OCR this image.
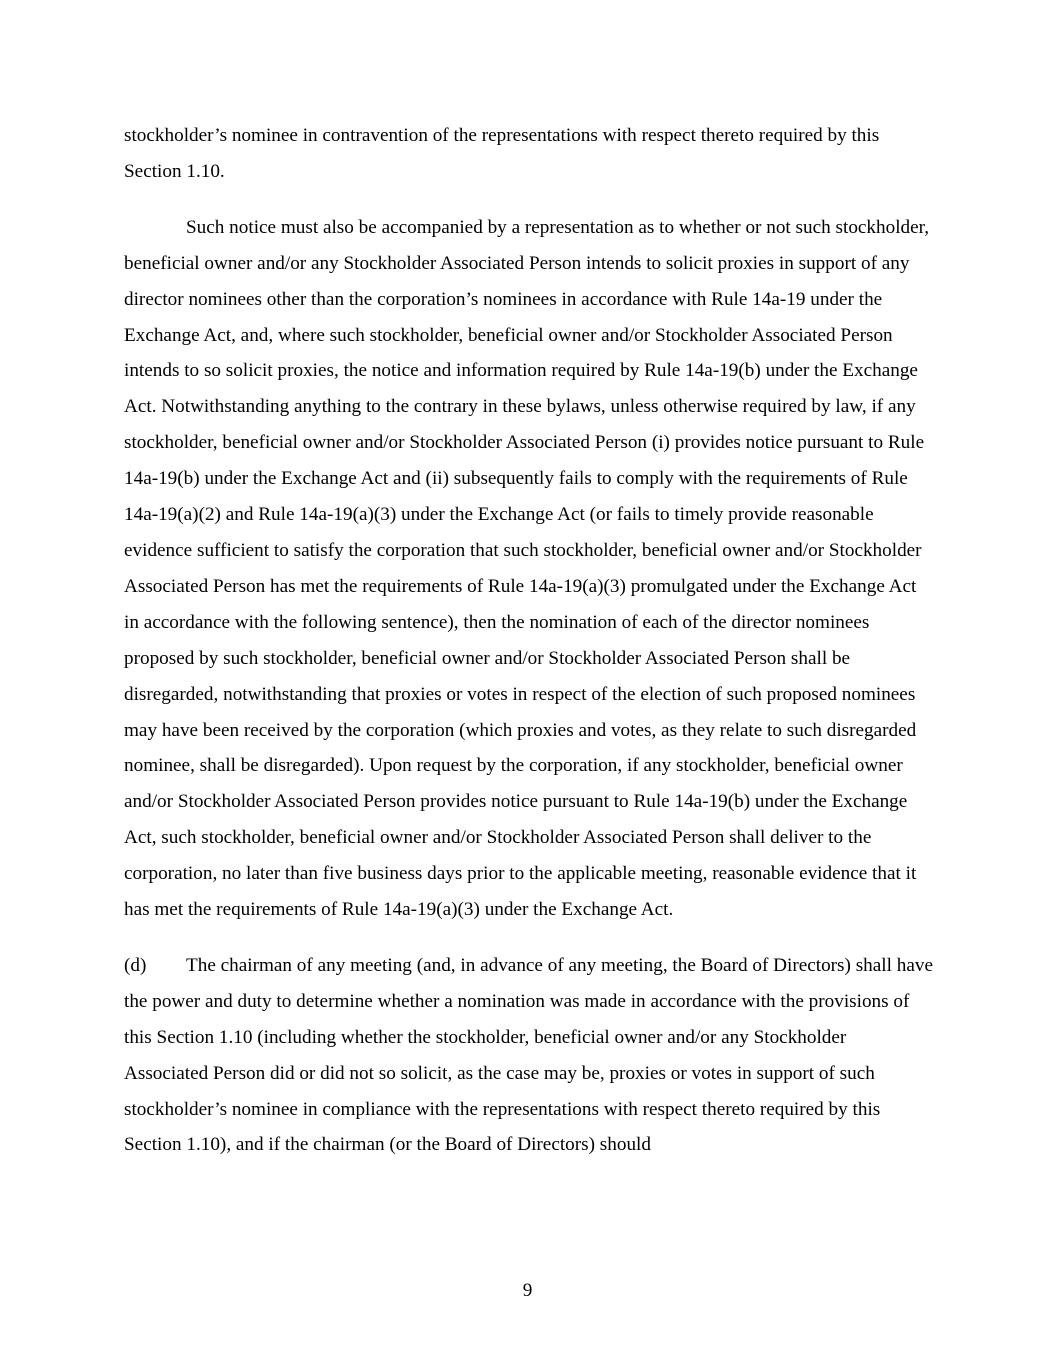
stockholder’s nominee in contravention of the representations with respect thereto required by this Section 1.10.

Such notice must also be accompanied by a representation as to whether or not such stockholder, beneficial owner and/or any Stockholder Associated Person intends to solicit proxies in support of any director nominees other than the corporation’s nominees in accordance with Rule 14a-19 under the Exchange Act, and, where such stockholder, beneficial owner and/or Stockholder Associated Person intends to so solicit proxies, the notice and information required by Rule 14a-19(b) under the Exchange Act. Notwithstanding anything to the contrary in these bylaws, unless otherwise required by law, if any stockholder, beneficial owner and/or Stockholder Associated Person (i) provides notice pursuant to Rule 14a-19(b) under the Exchange Act and (ii) subsequently fails to comply with the requirements of Rule 14a-19(a)(2) and Rule 14a-19(a)(3) under the Exchange Act (or fails to timely provide reasonable evidence sufficient to satisfy the corporation that such stockholder, beneficial owner and/or Stockholder Associated Person has met the requirements of Rule 14a-19(a)(3) promulgated under the Exchange Act in accordance with the following sentence), then the nomination of each of the director nominees proposed by such stockholder, beneficial owner and/or Stockholder Associated Person shall be disregarded, notwithstanding that proxies or votes in respect of the election of such proposed nominees may have been received by the corporation (which proxies and votes, as they relate to such disregarded nominee, shall be disregarded). Upon request by the corporation, if any stockholder, beneficial owner and/or Stockholder Associated Person provides notice pursuant to Rule 14a-19(b) under the Exchange Act, such stockholder, beneficial owner and/or Stockholder Associated Person shall deliver to the corporation, no later than five business days prior to the applicable meeting, reasonable evidence that it has met the requirements of Rule 14a-19(a)(3) under the Exchange Act.

(d) The chairman of any meeting (and, in advance of any meeting, the Board of Directors) shall have the power and duty to determine whether a nomination was made in accordance with the provisions of this Section 1.10 (including whether the stockholder, beneficial owner and/or any Stockholder Associated Person did or did not so solicit, as the case may be, proxies or votes in support of such stockholder’s nominee in compliance with the representations with respect thereto required by this Section 1.10), and if the chairman (or the Board of Directors) should

9
